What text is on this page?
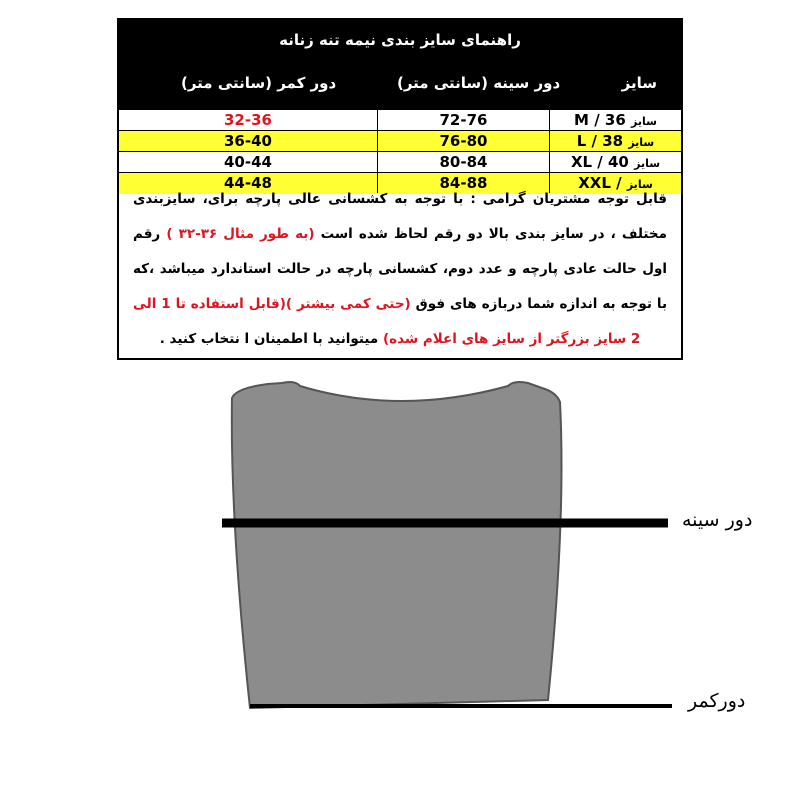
راهنمای سایز بندی نیمه تنه زنانه
سایز
دور سینه (سانتی متر)
دور کمر (سانتی متر)
سایز M / 36
72-76
32-36
سایز L / 38
76-80
36-40
سایز XL / 40
80-84
40-44
سایز XXL /
84-88
44-48
قابل توجه مشتریان گرامی : با توجه به کشسانی عالی پارچه برای، سایزبندی مختلف ، در سایز بندی بالا دو رقم لحاظ شده است (به طور مثال ۳۶-۳۲ ) رقم اول حالت عادی پارچه و عدد دوم، کشسانی پارچه در حالت استاندارد میباشد ،که با توجه به اندازه شما دربازه های فوق (حتی کمی بیشتر )(قابل استفاده تا 1 الی 2 سایز بزرگتر از سایز های اعلام شده) میتوانید با اطمینان ا نتخاب کنید .
دور سینه
دورکمر
